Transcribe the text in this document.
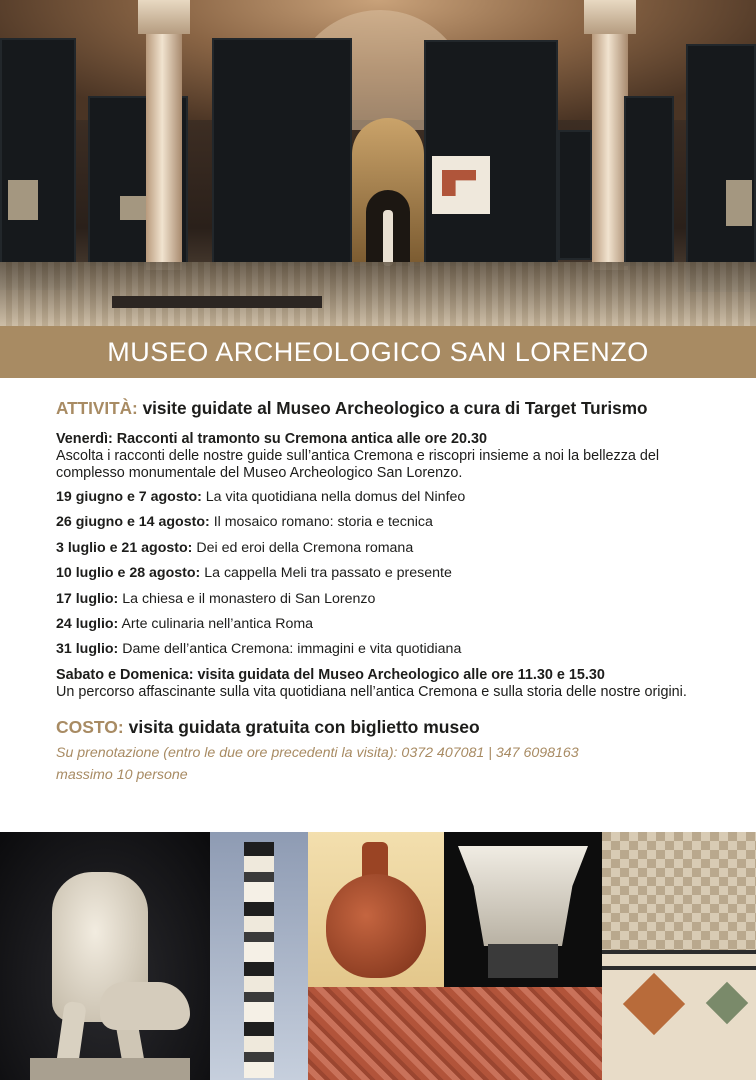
MUSEO ARCHEOLOGICO SAN LORENZO

ATTIVITÀ: visite guidate al Museo Archeologico a cura di Target Turismo

Venerdì: Racconti al tramonto su Cremona antica alle ore 20.30

Ascolta i racconti delle nostre guide sull’antica Cremona e riscopri insieme a noi la bellezza del complesso monumentale del Museo Archeologico San Lorenzo.

19 giugno e 7 agosto: La vita quotidiana nella domus del Ninfeo
26 giugno e 14 agosto: Il mosaico romano: storia e tecnica
3 luglio e 21 agosto: Dei ed eroi della Cremona romana
10 luglio e 28 agosto: La cappella Meli tra passato e presente
17 luglio: La chiesa e il monastero di San Lorenzo
24 luglio: Arte culinaria nell’antica Roma
31 luglio: Dame dell’antica Cremona: immagini e vita quotidiana

Sabato e Domenica: visita guidata del Museo Archeologico alle ore 11.30 e 15.30

Un percorso affascinante sulla vita quotidiana nell’antica Cremona e sulla storia delle nostre origini.

COSTO: visita guidata gratuita con biglietto museo

Su prenotazione (entro le due ore precedenti la visita): 0372 407081 | 347 6098163

massimo 10 persone
